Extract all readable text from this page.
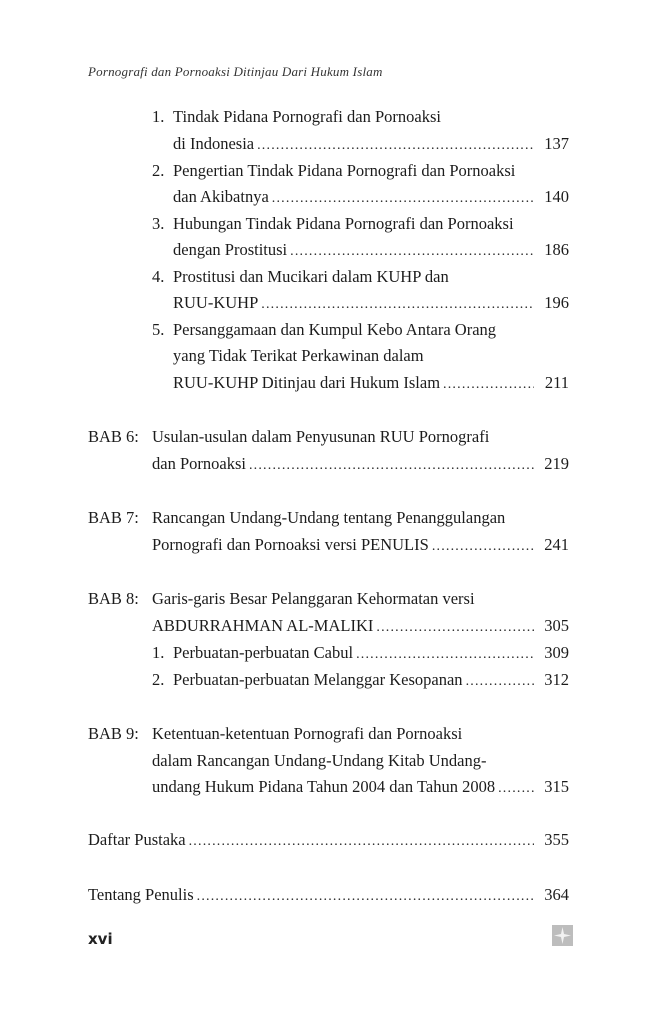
Pornografi dan Pornoaksi Ditinjau Dari Hukum Islam
1. Tindak Pidana Pornografi dan Pornoaksi
di Indonesia .....	137
2. Pengertian Tindak Pidana Pornografi dan Pornoaksi
dan Akibatnya .....	140
3. Hubungan Tindak Pidana Pornografi dan Pornoaksi
dengan Prostitusi .....	186
4. Prostitusi dan Mucikari dalam KUHP dan
RUU-KUHP .....	196
5. Persanggamaan dan Kumpul Kebo Antara Orang
yang Tidak Terikat Perkawinan dalam
RUU-KUHP Ditinjau dari Hukum Islam .....	211
BAB 6: Usulan-usulan dalam Penyusunan RUU Pornografi
dan Pornoaksi .....	219
BAB 7: Rancangan Undang-Undang tentang Penanggulangan
Pornografi dan Pornoaksi versi PENULIS .....	241
BAB 8: Garis-garis Besar Pelanggaran Kehormatan versi
ABDURRAHMAN AL-MALIKI .....	305
1. Perbuatan-perbuatan Cabul .....	309
2. Perbuatan-perbuatan Melanggar Kesopanan .....	312
BAB 9: Ketentuan-ketentuan Pornografi dan Pornoaksi
dalam Rancangan Undang-Undang Kitab Undang-
undang Hukum Pidana Tahun 2004 dan Tahun 2008 .....	315
Daftar Pustaka .....	355
Tentang Penulis .....	364
xvi
